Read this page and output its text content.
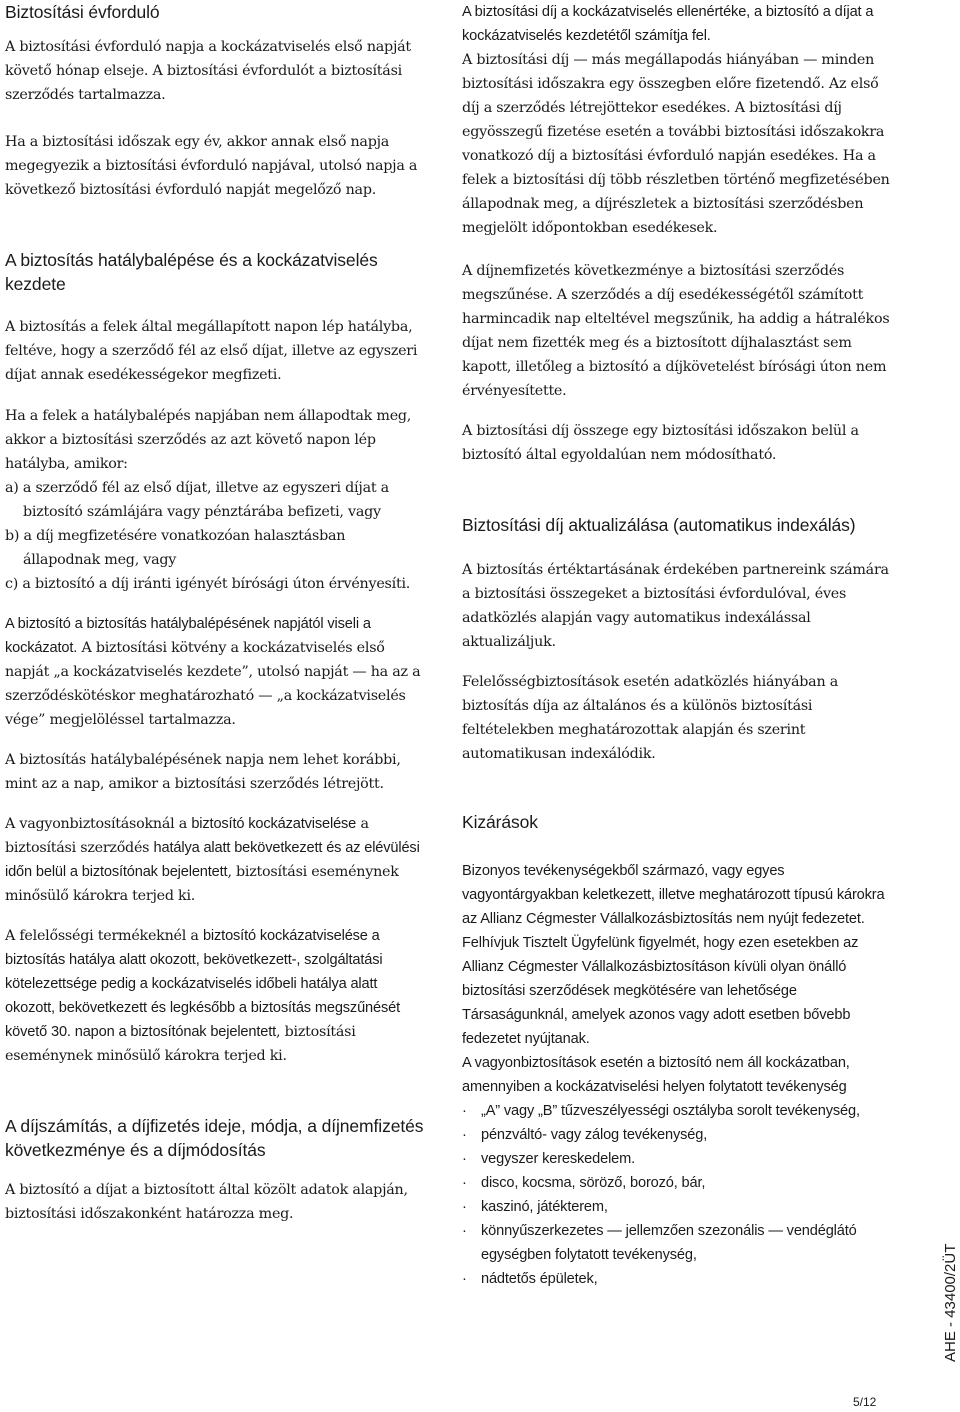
Biztosítási évforduló

A biztosítási évforduló napja a kockázatviselés első napját követő hónap elseje. A biztosítási évfordulót a biztosítási szerződés tartalmazza.

Ha a biztosítási időszak egy év, akkor annak első napja megegyezik a biztosítási évforduló napjával, utolsó napja a következő biztosítási évforduló napját megelőző nap.

A biztosítás hatálybalépése és a kockázatviselés kezdete

A biztosítás a felek által megállapított napon lép hatályba, feltéve, hogy a szerződő fél az első díjat, illetve az egyszeri díjat annak esedékességekor megfizeti.

Ha a felek a hatálybalépés napjában nem állapodtak meg, akkor a biztosítási szerződés az azt követő napon lép hatályba, amikor:

a) a szerződő fél az első díjat, illetve az egyszeri díjat a biztosító számlájára vagy pénztárába befizeti, vagy
b) a díj megfizetésére vonatkozóan halasztásban állapodnak meg, vagy
c) a biztosító a díj iránti igényét bírósági úton érvényesíti.

A biztosító a biztosítás hatálybalépésének napjától viseli a kockázatot. A biztosítási kötvény a kockázatviselés első napját „a kockázatviselés kezdete”, utolsó napját — ha az a szerződéskötéskor meghatározható — „a kockázatviselés vége” megjelöléssel tartalmazza.

A biztosítás hatálybalépésének napja nem lehet korábbi, mint az a nap, amikor a biztosítási szerződés létrejött.

A vagyonbiztosításoknál a biztosító kockázatviselése a biztosítási szerződés hatálya alatt bekövetkezett és az elévülési időn belül a biztosítónak bejelentett, biztosítási eseménynek minősülő károkra terjed ki.

A felelősségi termékeknél a biztosító kockázatviselése a biztosítás hatálya alatt okozott, bekövetkezett-, szolgáltatási kötelezettsége pedig a kockázatviselés időbeli hatálya alatt okozott, bekövetkezett és legkésőbb a biztosítás megszűnését követő 30. napon a biztosítónak bejelentett, biztosítási eseménynek minősülő károkra terjed ki.

A díjszámítás, a díjfizetés ideje, módja, a díjnemfizetés következménye és a díjmódosítás

A biztosító a díjat a biztosított által közölt adatok alapján, biztosítási időszakonként határozza meg.

A biztosítási díj a kockázatviselés ellenértéke, a biztosító a díjat a kockázatviselés kezdetétől számítja fel.

A biztosítási díj — más megállapodás hiányában — minden biztosítási időszakra egy összegben előre fizetendő. Az első díj a szerződés létrejöttekor esedékes. A biztosítási díj egyösszegű fizetése esetén a további biztosítási időszakokra vonatkozó díj a biztosítási évforduló napján esedékes. Ha a felek a biztosítási díj több részletben történő megfizetésében állapodnak meg, a díjrészletek a biztosítási szerződésben megjelölt időpontokban esedékesek.

A díjnemfizetés következménye a biztosítási szerződés megszűnése. A szerződés a díj esedékességétől számított harmincadik nap elteltével megszűnik, ha addig a hátralékos díjat nem fizették meg és a biztosított díjhalasztást sem kapott, illetőleg a biztosító a díjkövetelést bírósági úton nem érvényesítette.

A biztosítási díj összege egy biztosítási időszakon belül a biztosító által egyoldalúan nem módosítható.

Biztosítási díj aktualizálása (automatikus indexálás)

A biztosítás értéktartásának érdekében partnereink számára a biztosítási összegeket a biztosítási évfordulóval, éves adatközlés alapján vagy automatikus indexálással aktualizáljuk.

Felelősségbiztosítások esetén adatközlés hiányában a biztosítás díja az általános és a különös biztosítási feltételekben meghatározottak alapján és szerint automatikusan indexálódik.

Kizárások

Bizonyos tevékenységekből származó, vagy egyes vagyontárgyakban keletkezett, illetve meghatározott típusú károkra az Allianz Cégmester Vállalkozásbiztosítás nem nyújt fedezetet.

Felhívjuk Tisztelt Ügyfelünk figyelmét, hogy ezen esetekben az Allianz Cégmester Vállalkozásbiztosításon kívüli olyan önálló biztosítási szerződések megkötésére van lehetősége Társaságunknál, amelyek azonos vagy adott esetben bővebb fedezetet nyújtanak.

A vagyonbiztosítások esetén a biztosító nem áll kockázatban, amennyiben a kockázatviselési helyen folytatott tevékenység

· „A” vagy „B” tűzveszélyességi osztályba sorolt tevékenység,
· pénzváltó- vagy zálog tevékenység,
· vegyszer kereskedelem.
· disco, kocsma, söröző, borozó, bár,
· kaszinó, játékterem,
· könnyűszerkezetes — jellemzően szezonális — vendéglátó egységben folytatott tevékenység,
· nádtetős épületek,	AHE - 43400/2ÜT
5/12
